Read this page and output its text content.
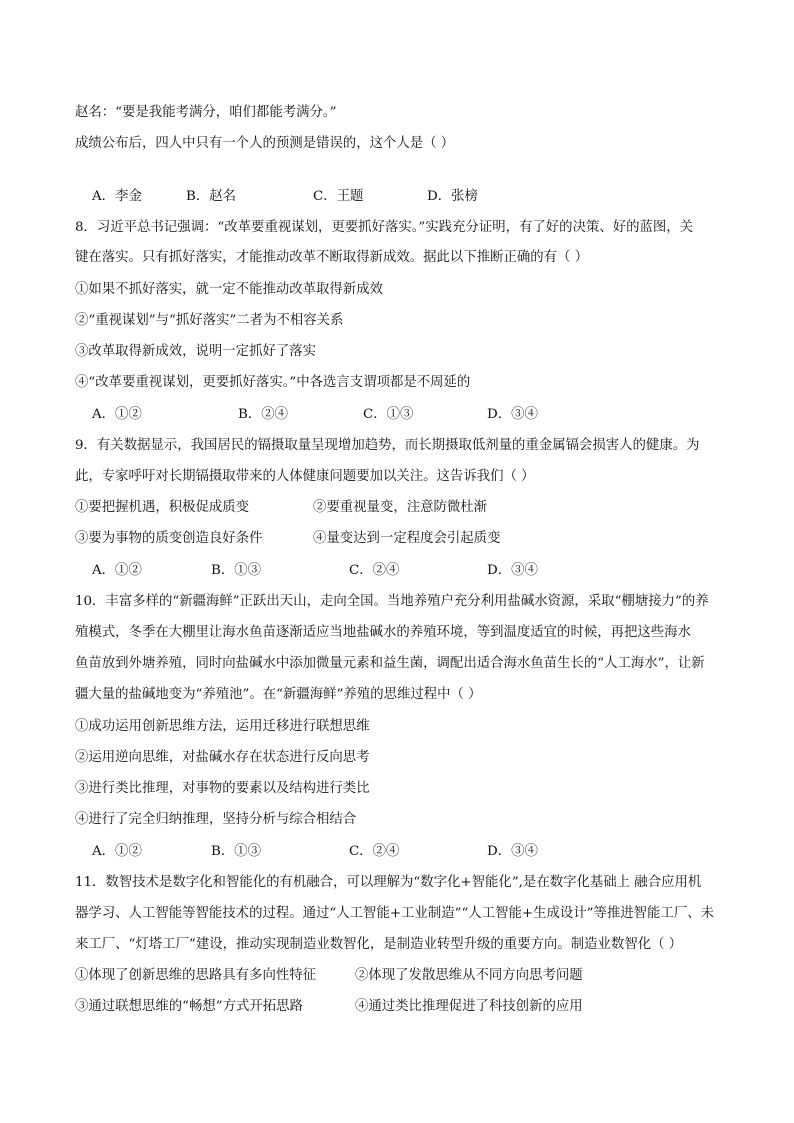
赵名：“要是我能考满分，咱们都能考满分。”
成绩公布后，四人中只有一个人的预测是错误的，这个人是（ ）
A．李金	B．赵名	C．王题	D．张榜
8．习近平总书记强调：“改革要重视谋划，更要抓好落实。”实践充分证明，有了好的决策、好的蓝图，关
键在落实。只有抓好落实，才能推动改革不断取得新成效。据此以下推断正确的有（ ）
①如果不抓好落实，就一定不能推动改革取得新成效
②“重视谋划”与“抓好落实”二者为不相容关系
③改革取得新成效，说明一定抓好了落实
④“改革要重视谋划，更要抓好落实。”中各选言支谓项都是不周延的
A．①②	B．②④	C．①③	D．③④
9．有关数据显示，我国居民的镉摄取量呈现增加趋势，而长期摄取低剂量的重金属镉会损害人的健康。为
此，专家呼吁对长期镉摄取带来的人体健康问题要加以关注。这告诉我们（ ）
①要把握机遇，积极促成质变	②要重视量变，注意防微杜渐
③要为事物的质变创造良好条件	④量变达到一定程度会引起质变
A．①②	B．①③	C．②④	D．③④
10．丰富多样的“新疆海鲜”正跃出天山，走向全国。当地养殖户充分利用盐碱水资源，采取“棚塘接力”的养
殖模式，冬季在大棚里让海水鱼苗逐渐适应当地盐碱水的养殖环境，等到温度适宜的时候，再把这些海水
鱼苗放到外塘养殖，同时向盐碱水中添加微量元素和益生菌，调配出适合海水鱼苗生长的“人工海水”，让新
疆大量的盐碱地变为“养殖池”。在“新疆海鲜”养殖的思维过程中（ ）
①成功运用创新思维方法，运用迁移进行联想思维
②运用逆向思维，对盐碱水存在状态进行反向思考
③进行类比推理，对事物的要素以及结构进行类比
④进行了完全归纳推理，坚持分析与综合相结合
A．①②	B．①③	C．②④	D．③④
11．数智技术是数字化和智能化的有机融合，可以理解为“数字化+智能化”,是在数字化基础上 融合应用机
器学习、人工智能等智能技术的过程。通过“人工智能+工业制造”“人工智能+生成设计”等推进智能工厂、未
来工厂、“灯塔工厂”建设，推动实现制造业数智化，是制造业转型升级的重要方向。制造业数智化（ ）
①体现了创新思维的思路具有多向性特征	②体现了发散思维从不同方向思考问题
③通过联想思维的“畅想”方式开拓思路	④通过类比推理促进了科技创新的应用
